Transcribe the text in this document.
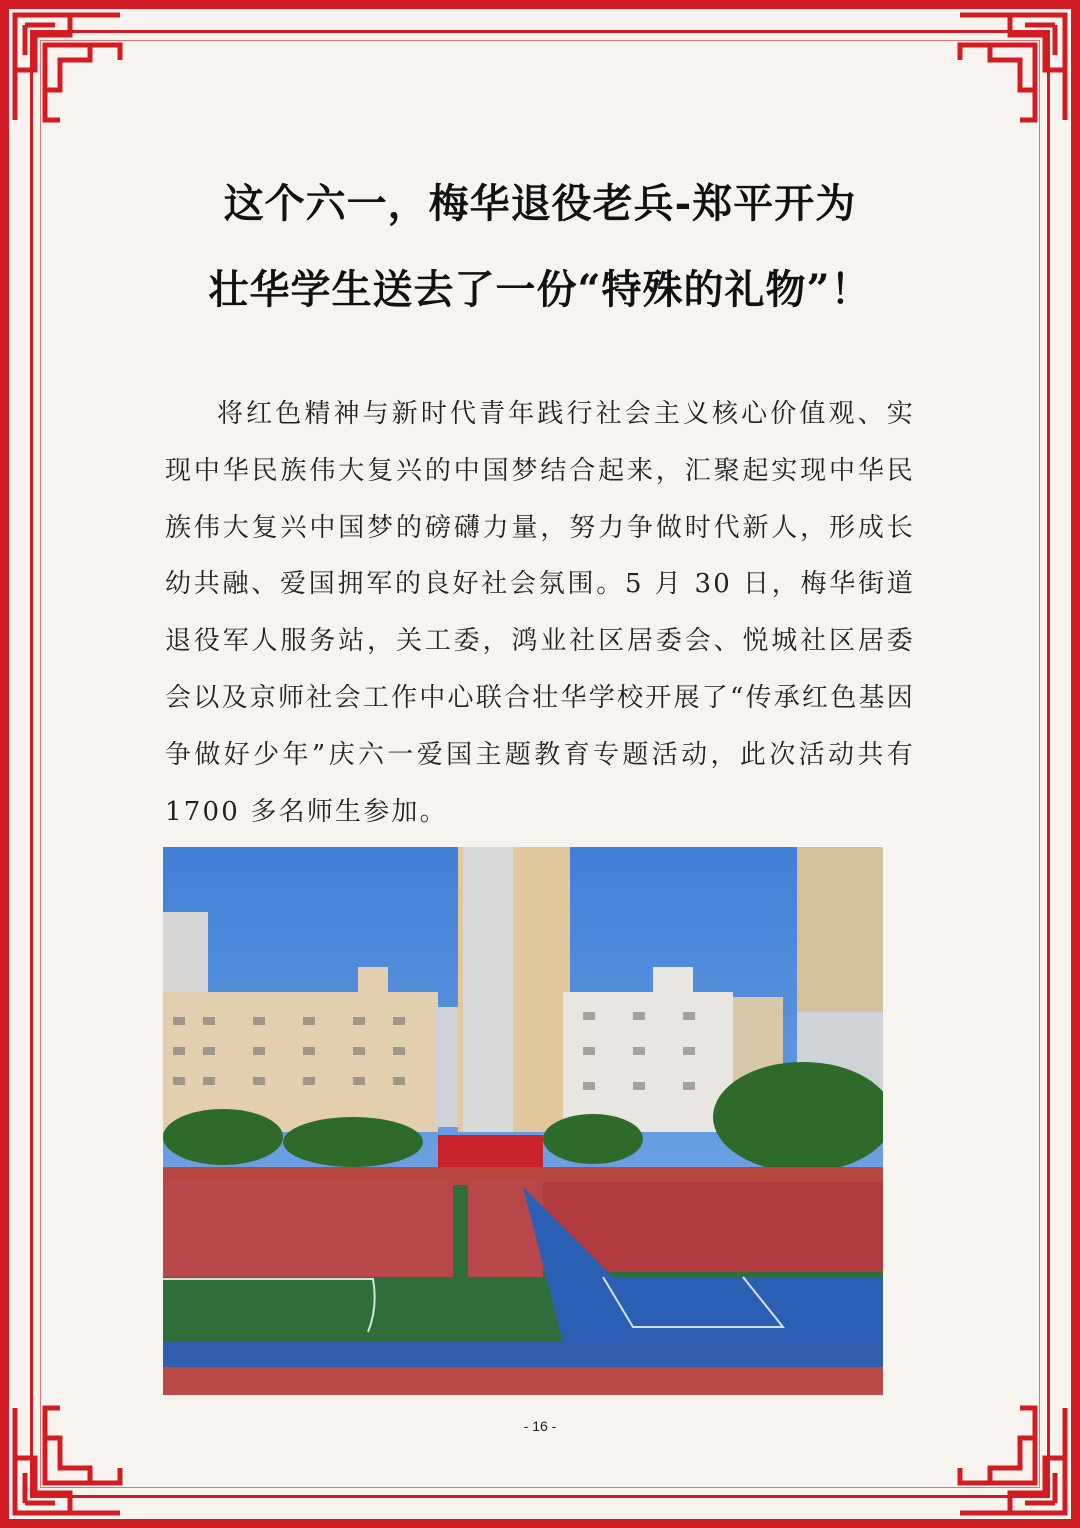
这个六一，梅华退役老兵-郑平开为
壮华学生送去了一份“特殊的礼物”！
将红色精神与新时代青年践行社会主义核心价值观、实现中华民族伟大复兴的中国梦结合起来，汇聚起实现中华民族伟大复兴中国梦的磅礴力量，努力争做时代新人，形成长幼共融、爱国拥军的良好社会氛围。5 月 30 日，梅华街道退役军人服务站，关工委，鸿业社区居委会、悦城社区居委会以及京师社会工作中心联合壮华学校开展了“传承红色基因 争做好少年”庆六一爱国主题教育专题活动，此次活动共有 1700 多名师生参加。
- 16 -
